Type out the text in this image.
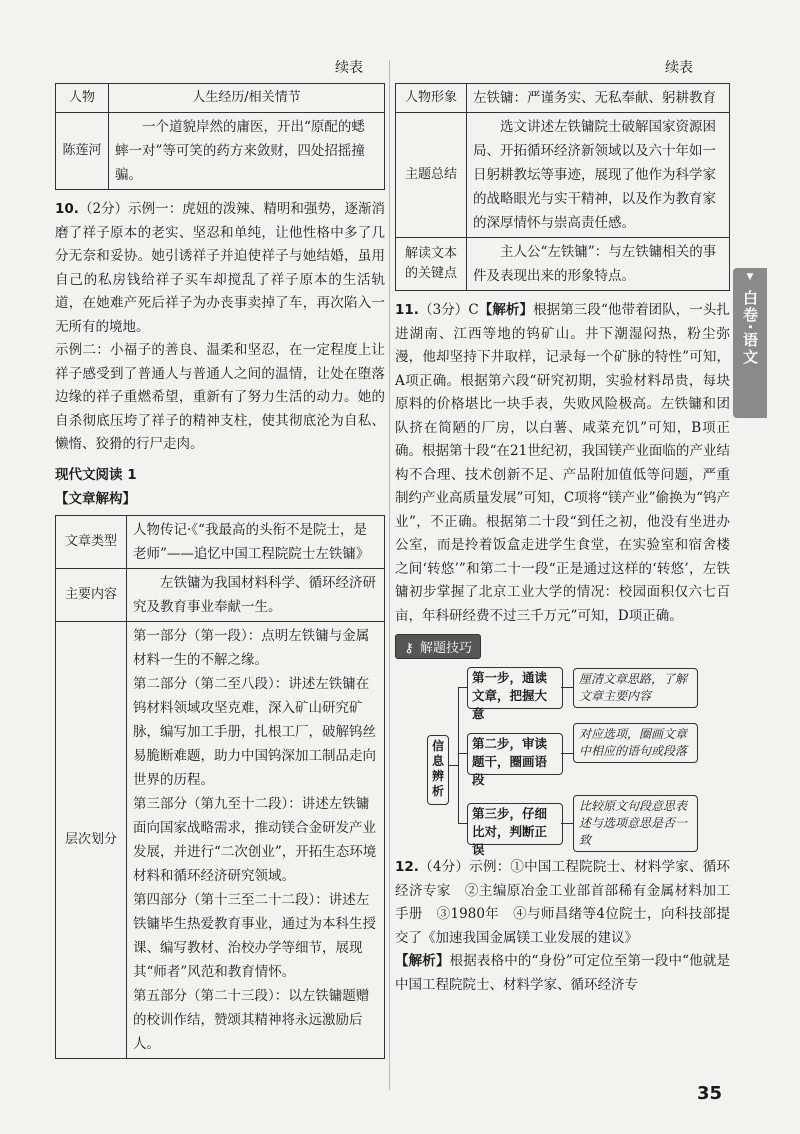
续表	续表
人物	人生经历/相关情节
陈莲河	一个道貌岸然的庸医，开出“原配的蟋蟀一对”等可笑的药方来敛财，四处招摇撞骗。
10.（2分）示例一：虎妞的泼辣、精明和强势，逐渐消磨了祥子原本的老实、坚忍和单纯，让他性格中多了几分无奈和妥协。她引诱祥子并迫使祥子与她结婚，虽用自己的私房钱给祥子买车却搅乱了祥子原本的生活轨道，在她难产死后祥子为办丧事卖掉了车，再次陷入一无所有的境地。
示例二：小福子的善良、温柔和坚忍，在一定程度上让祥子感受到了普通人与普通人之间的温情，让处在堕落边缘的祥子重燃希望，重新有了努力生活的动力。她的自杀彻底压垮了祥子的精神支柱，使其彻底沦为自私、懒惰、狡猾的行尸走肉。
现代文阅读 1
【文章解构】
文章类型	人物传记·《“我最高的头衔不是院士，是老师”——追忆中国工程院院士左铁镛》
主要内容	左铁镛为我国材料科学、循环经济研究及教育事业奉献一生。
层次划分	第一部分（第一段）：点明左铁镛与金属材料一生的不解之缘。
第二部分（第二至八段）：讲述左铁镛在钨材料领域攻坚克难，深入矿山研究矿脉，编写加工手册，扎根工厂，破解钨丝易脆断难题，助力中国钨深加工制品走向世界的历程。
第三部分（第九至十二段）：讲述左铁镛面向国家战略需求，推动镁合金研发产业发展，并进行“二次创业”，开拓生态环境材料和循环经济研究领域。
第四部分（第十三至二十二段）：讲述左铁镛毕生热爱教育事业，通过为本科生授课、编写教材、治校办学等细节，展现其“师者”风范和教育情怀。
第五部分（第二十三段）：以左铁镛题赠的校训作结，赞颂其精神将永远激励后人。
人物形象	左铁镛：严谨务实、无私奉献、躬耕教育
主题总结	选文讲述左铁镛院士破解国家资源困局、开拓循环经济新领域以及六十年如一日躬耕教坛等事迹，展现了他作为科学家的战略眼光与实干精神，以及作为教育家的深厚情怀与崇高责任感。
解读文本的关键点	主人公“左铁镛”：与左铁镛相关的事件及表现出来的形象特点。
11.（3分）C【解析】根据第三段“他带着团队，一头扎进湖南、江西等地的钨矿山。井下潮湿闷热，粉尘弥漫，他却坚持下井取样，记录每一个矿脉的特性”可知，A项正确。根据第六段“研究初期，实验材料昂贵，每块原料的价格堪比一块手表，失败风险极高。左铁镛和团队挤在简陋的厂房，以白薯、咸菜充饥”可知，B项正确。根据第十段“在21世纪初，我国镁产业面临的产业结构不合理、技术创新不足、产品附加值低等问题，严重制约产业高质量发展”可知，C项将“镁产业”偷换为“钨产业”，不正确。根据第二十段“到任之初，他没有坐进办公室，而是拎着饭盒走进学生食堂，在实验室和宿舍楼之间‘转悠’”和第二十一段“正是通过这样的‘转悠’，左铁镛初步掌握了北京工业大学的情况：校园面积仅六七百亩，年科研经费不过三千万元”可知，D项正确。
⚷ 解题技巧
信息辨析
第一步，通读文章，把握大意
厘清文章思路，了解文章主要内容
第二步，审读题干，圈画语段
对应选项，圈画文章中相应的语句或段落
第三步，仔细比对，判断正误
比较原文句段意思表述与选项意思是否一致
12.（4分）示例：①中国工程院院士、材料学家、循环经济专家　②主编原冶金工业部首部稀有金属材料加工手册　③1980年　④与师昌绪等4位院士，向科技部提交了《加速我国金属镁工业发展的建议》
【解析】根据表格中的“身份”可定位至第一段中“他就是中国工程院院士、材料学家、循环经济专
▼
白卷·语文
35
